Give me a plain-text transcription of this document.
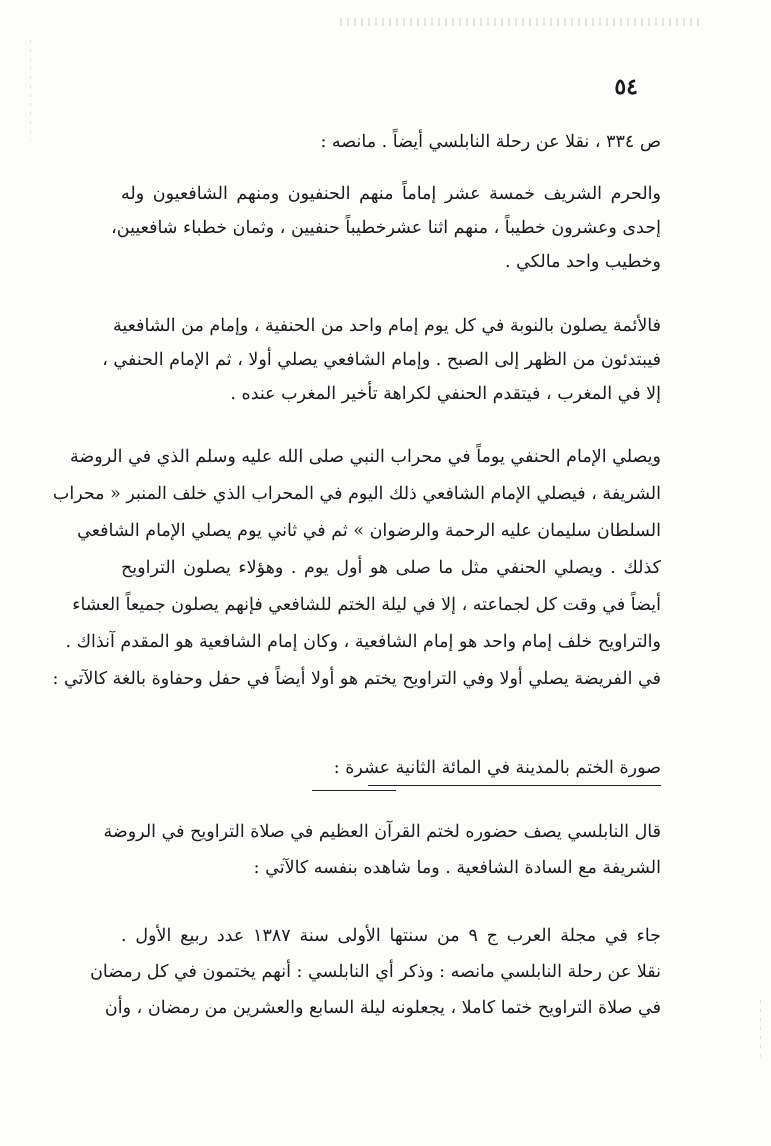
٥٤
ص ٣٣٤ ، نقلا عن رحلة النابلسي أيضاً . مانصه :
والحرم الشريف خمسة عشر إماماً منهم الحنفيون ومنهم الشافعيون وله
إحدى وعشرون خطيباً ، منهم اثنا عشرخطيباً حنفيين ، وثمان خطباء شافعيين،
وخطيب واحد مالكي .
فالأئمة يصلون بالنوبة في كل يوم إمام واحد من الحنفية ، وإمام من الشافعية
فيبتدئون من الظهر إلى الصبح . وإمام الشافعي يصلي أولا ، ثم الإمام الحنفي ،
إلا في المغرب ، فيتقدم الحنفي لكراهة تأخير المغرب عنده .
ويصلي الإمام الحنفي يوماً في محراب النبي صلى الله عليه وسلم الذي في الروضة
الشريفة ، فيصلي الإمام الشافعي ذلك اليوم في المحراب الذي خلف المنبر « محراب
السلطان سليمان عليه الرحمة والرضوان » ثم في ثاني يوم يصلي الإمام الشافعي
كذلك . ويصلي الحنفي مثل ما صلى هو أول يوم . وهؤلاء يصلون التراويح
أيضاً في وقت كل لجماعته ، إلا في ليلة الختم للشافعي فإنهم يصلون جميعاً العشاء
والتراويح خلف إمام واحد هو إمام الشافعية ، وكان إمام الشافعية هو المقدم آنذاك .
في الفريضة يصلي أولا وفي التراويح يختم هو أولا أيضاً في حفل وحفاوة بالغة كالآتي :
صورة الختم بالمدينة في المائة الثانية عشرة :
قال النابلسي يصف حضوره لختم القرآن العظيم في صلاة التراويح في الروضة
الشريفة مع السادة الشافعية . وما شاهده بنفسه كالآتي :
جاء في مجلة العرب ج ٩ من سنتها الأولى سنة ١٣٨٧ عدد ربيع الأول .
نقلا عن رحلة النابلسي مانصه : وذكر أي النابلسي : أنهم يختمون في كل رمضان
في صلاة التراويح ختما كاملا ، يجعلونه ليلة السابع والعشرين من رمضان ، وأن
